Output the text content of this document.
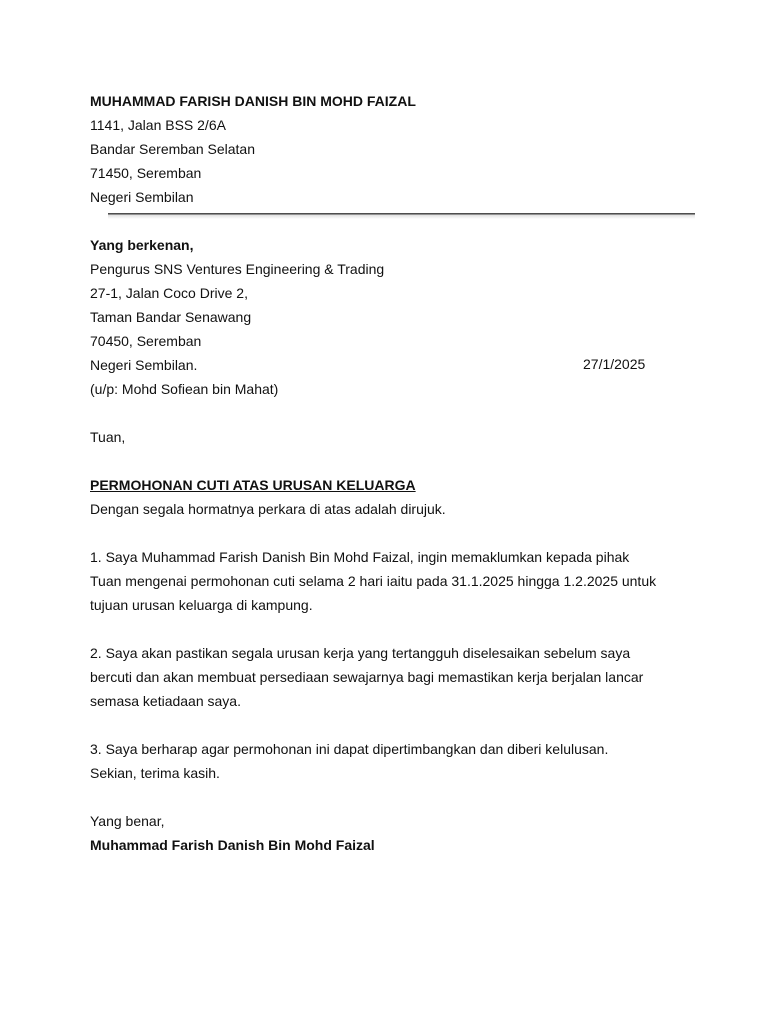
MUHAMMAD FARISH DANISH BIN MOHD FAIZAL
1141, Jalan BSS 2/6A
Bandar Seremban Selatan
71450, Seremban
Negeri Sembilan
Yang berkenan,
Pengurus SNS Ventures Engineering & Trading
27-1, Jalan Coco Drive 2,
Taman Bandar Senawang
70450, Seremban
Negeri Sembilan.
(u/p: Mohd Sofiean bin Mahat)
27/1/2025
Tuan,
PERMOHONAN CUTI ATAS URUSAN KELUARGA
Dengan segala hormatnya perkara di atas adalah dirujuk.
1. Saya Muhammad Farish Danish Bin Mohd Faizal, ingin memaklumkan kepada pihak
Tuan mengenai permohonan cuti selama 2 hari iaitu pada 31.1.2025 hingga 1.2.2025 untuk
tujuan urusan keluarga di kampung.
2. Saya akan pastikan segala urusan kerja yang tertangguh diselesaikan sebelum saya
bercuti dan akan membuat persediaan sewajarnya bagi memastikan kerja berjalan lancar
semasa ketiadaan saya.
3. Saya berharap agar permohonan ini dapat dipertimbangkan dan diberi kelulusan.
Sekian, terima kasih.
Yang benar,
Muhammad Farish Danish Bin Mohd Faizal
